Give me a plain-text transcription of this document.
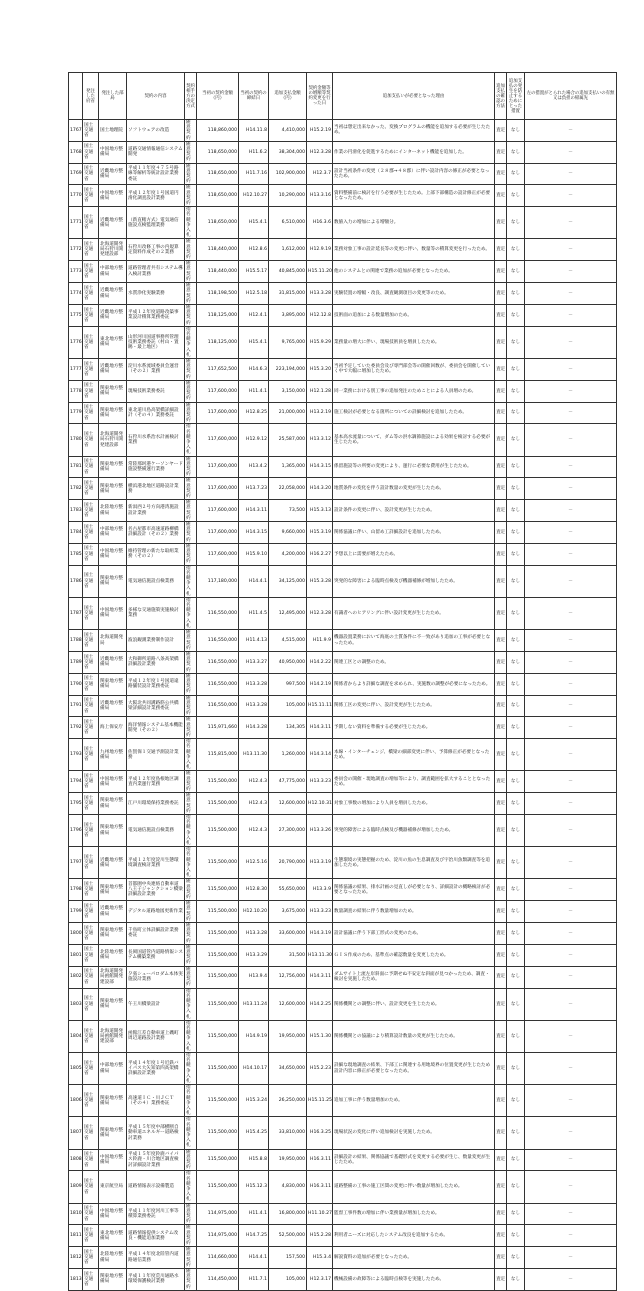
	発注した府省	発注した部局	契約の内容	契約相手方の決定方式	当初の契約金額（円）	当初の契約の締結日	追加支払金額（円）	契約金額等の増額等契約変更を行った日	追加支払いが必要となった理由	追加支払の確認の方法	追加支払の発生を防止するためにとった措置	左の措置がとられた場合の追加支払いの有無又は負担の帰属先
1767	国土交通省	国土地理院	ソフトウェアの改造	随意契約	118,860,000	H14.11.8	4,410,000	H15.2.19	当初は想定出来なかった、変換プログラムの機能を追加する必要が生じたため。	査定	なし	－
1768	国土交通省	中国地方整備局	道路交通情報通信システム開発	随意契約	118,650,000	H11.6.2	38,304,000	H12.3.28	作業の円滑化を促進するためにインターネット機能を追加した。	査定	なし	－
1769	国土交通省	近畿地方整備局	平成１１年度４７５号路線等解析等統計設計業務委託	随意契約	118,650,000	H11.7.16	102,900,000	H12.3.7	設計当初条件の変更（２８郡→４８郡）に伴い設計内容の修正が必要となったため。	査定	なし	－
1770	国土交通省	中国地方整備局	平成１２年度１号国道円滑化調査設計業務	随意契約	118,650,000	H12.10.27	10,290,000	H13.3.16	資料整備前に検討を行う必要が生じたため。上部下部構造の設計修正が必要となったため。	査定	なし	－
1771	国土交通省	近畿地方整備局	（新直轄方式）電気通信施設点検監理業務	指名競争入札	118,650,000	H15.4.1	6,510,000	H16.3.6	数値入力の増加による増額分。	査定	なし	－
1772	国土交通省	北海道開発局石狩川開発建設部	石狩川改修工事の内規算定資料作成その２業務	随意契約	118,440,000	H12.8.6	1,612,000	H12.9.19	業務対象工事の設計延長等の変更に伴い、数量等の積算変更を行ったため。	査定	なし	－
1773	国土交通省	中部地方整備局	道路管理者共有システム導入検討業務	随意契約	118,440,000	H15.5.17	40,845,000	H15.11.20	他のシステムとの関連で業務の追加が必要となったため。	査定	なし	－
1774	国土交通省	近畿地方整備局	水質浄化実験業務	随意契約	118,198,500	H12.5.18	31,815,000	H13.3.28	実験装置の増幅・改良、調査観測項目の変更等のため。	査定	なし	－
1775	国土交通省	近畿地方整備局	平成１２年度道路改築事業設計積算業務委託	随意契約	118,125,000	H12.4.1	3,895,000	H12.12.8	技術面の追加による数量増加のため。	査定	なし	－
1776	国土交通省	東北地方整備局	山形河川国道事務所管理技術業務委託（村山・置賜・最上地区）	指名競争入札	118,125,000	H15.4.1	9,765,000	H15.9.29	業務量の増大に伴い、現場技術員を増員したため。	査定	なし	－
1777	国土交通省	近畿地方整備局	淀川水系流域委員会運営（その２）業務	随意契約	117,652,500	H14.6.3	223,194,000	H15.3.20	当初予定していた委員会及び専門部会等の開催回数が、委員会を開催していく中で大幅に増加したため。	査定	なし	－
1778	国土交通省	関東地方整備局	現場技術業務委託	随意契約	117,600,000	H11.4.1	3,150,000	H12.1.28	同一業務における別工事の追加発注のためことによる人員増のため。	査定	なし	－
1779	国土交通省	関東地方整備局	東北道川島高架橋詳細設計（その４）業務委託	随意契約	117,600,000	H12.8.25	21,000,000	H13.2.19	施工検討が必要となる箇所についての詳細検討を追加したため。	査定	なし	－
1780	国土交通省	北海道開発局石狩川開発建設部	石狩川水系治水計画検討業務	指名競争入札	117,600,000	H12.9.12	25,587,000	H13.3.12	基本高水流量について、ダム等の洪水調節施設による効果を検討する必要が生じたため。	査定	なし	－
1781	国土交通省	関東地方整備局	常陸那珂港ケーソンヤード施設整備運行業務	随意契約	117,600,000	H13.4.2	1,365,000	H14.3.15	係留施設等の所要の変更により、運行に必要な費用が生じたため。	査定	なし	－
1782	国土交通省	関東地方整備局	横浜港北地区道路設計業務	随意契約	117,600,000	H13.7.23	22,058,000	H14.3.20	地質条件の変化を伴う設計数量の変更が生じたため。	査定	なし	－
1783	国土交通省	北陸地方整備局	新潟西２号方向港湾施設設計業務	随意契約	117,600,000	H14.3.11	73,500	H15.3.13	設計条件の変更に伴い、設計変更が生じたため。	査定	なし	－
1784	国土交通省	中部地方整備局	名古屋都市高速道路柳橋詳細設計（その２）業務	随意契約	117,600,000	H14.3.15	9,660,000	H15.3.19	関係協議に伴い、山留め工詳細設計を追加したため。	査定	なし	－
1785	国土交通省	中国地方整備局	維持管理の新たな取組業務（その２）	随意契約	117,600,000	H15.9.10	4,200,000	H16.2.27	予想以上に需要が増えたため。	査定	なし	－
1786	国土交通省	関東地方整備局	電気通信施設点検業務	指名競争入札	117,180,000	H14.4.1	34,125,000	H15.3.28	突発的な障害による臨時点検及び機器補修が増加したため。	査定	なし	－
1787	国土交通省	中国地方整備局	多様な交通施策実施検討業務	指名競争入札	116,550,000	H11.4.5	12,495,000	H12.3.28	有識者へのヒアリングに伴い設計変更が生じたため。	査定	なし	－
1788	国土交通省	北海道開発局	波浪観測業務制作設計	随意契約	116,550,000	H11.4.13	4,515,000	H11.9.9	機器設置業務において海底の土質条件に不一致があり追加の工事が必要となったため。	査定	なし	－
1789	国土交通省	近畿地方整備局	大和御所道路八条高架橋詳細設計業務	随意契約	116,550,000	H13.3.27	40,950,000	H14.2.22	関連工区との調整のため。	査定	なし	－
1790	国土交通省	関東地方整備局	平成１２年度１号国道遠路舗装設計業務委託	随意契約	116,550,000	H13.3.28	997,500	H14.2.19	関係者からより詳細な調査を求められ、実施数の調整が必要になったため。	査定	なし	－
1791	国土交通省	近畿地方整備局	大阪北共同溝路筋公共橋梁詳細設計業務委託	随意契約	116,550,000	H13.3.28	105,000	H15.11.11	関係工区の変更に伴い、設計変更が生じたため。	査定	なし	－
1792	国土交通省	海上保安庁	海洋情報システム基本機能開発（その２）	随意契約	115,971,660	H14.3.28	134,305	H14.3.11	予期しない資料を準備する必要が生じたため。	査定	なし	－
1793	国土交通省	九州地方整備局	佐賀保１交通予測設計業務	指名競争入札	115,815,000	H13.11.30	1,260,000	H14.3.14	本線・インターチェンジ、橋梁の細部変更に伴い、予算修正が必要となったため。	査定	なし	－
1794	国土交通省	中国地方整備局	平成１２年度島根地区調査内業運行業務	随意契約	115,500,000	H12.4.3	47,775,000	H13.3.23	委員会の開催・現地調査の増加等により、調査範囲を拡大することとなったため。	査定	なし	－
1795	国土交通省	関東地方整備局	江戸川環境保持業務委託	随意契約	115,500,000	H12.4.3	12,600,000	H12.10.31	対象工事数の増加により人員を増員したため。	査定	なし	－
1796	国土交通省	関東地方整備局	電気通信施設点検業務	指名競争入札	115,500,000	H12.4.3	27,300,000	H13.3.26	突発的障害による臨時点検及び機器補修が増加したため。	査定	なし	－
1797	国土交通省	近畿地方整備局	平成１２年度淀川生態環境調査検討業務	指名競争入札	115,500,000	H12.5.16	20,790,000	H13.3.19	生態環境の実態把握のため、淀川の魚の生息調査及び宇治川魚類調査等を追加したため。	査定	なし	－
1798	国土交通省	関東地方整備局	首都圏中央連絡自動車道八王子ジャンクション橋梁詳細設計業務	随意契約	115,500,000	H12.8.30	55,650,000	H13.3.9	関係協議の結果、排水計画の見直しが必要となり、詳細設計の概略検討が必要となったため。	査定	なし	－
1799	国土交通省	近畿地方整備局	デジタル道路地図更新作業	随意契約	115,500,000	H12.10.20	3,675,000	H13.3.23	数量調査の結果に伴う数量増加のため。	査定	なし	－
1800	国土交通省	関東地方整備局	千鳥町立体詳細設計業務委託	随意契約	115,500,000	H13.3.28	33,600,000	H14.3.19	設計協議に伴う下部工形式の変更のため。	査定	なし	－
1801	国土交通省	北陸地方整備局	長岡国道管内道路情報システム構築業務	随意契約	115,500,000	H13.3.29	31,500	H13.11.30	ＧＩＳ作成のため、基準点の確認数量を変更したため。	査定	なし	－
1802	国土交通省	北海道開発局函館開発建設部	夕張シューパロダム本体実施設計業務	随意契約	115,500,000	H13.9.4	12,756,000	H14.3.11	ダムサイト上流左岸斜面に予期せぬ不安定な斜面が見つかったため、調査・検討を実施したため。	査定	なし	－
1803	国土交通省	関東地方整備局	午王川橋梁設計	指名競争入札	115,500,000	H13.11.24	12,600,000	H14.2.25	関係機関との調整に伴い、設計変更を生じたため。	査定	なし	－
1804	国土交通省	北海道開発局函館開発建設部	函館江差自動車道上磯町周辺道路設計業務	指名競争入札	115,500,000	H14.9.19	19,950,000	H15.1.30	関係機関との協議により積算設計数量の変更が生じたため。	査定	なし	－
1805	国土交通省	中部地方整備局	平成１４年度１号近鉄バイパス大矢知第四高架橋詳細設計業務	指名競争入札	115,500,000	H14.10.17	34,650,000	H15.2.23	詳細な現地調査の結果、下部工に関連する用地境界の位置変更が生じたため設計内容に修正が必要となったため。	査定	なし	－
1806	国土交通省	関東地方整備局	高速道ＩＣ・川ＪＣＴ（その４）業務委託	指名競争入札	115,500,000	H15.3.24	26,250,000	H15.11.25	追加工事に伴う数量増加のため。	査定	なし	－
1807	国土交通省	関東地方整備局	平成１５年度中部横断自動車道エネルギー道路検討業務	指名競争入札	115,500,000	H15.4.25	33,810,000	H16.3.25	現場状況の変化に伴い追加検討を実施したため。	査定	なし	－
1808	国土交通省	中国地方整備局	平成１５年度鈴鹿バイパス鈴鹿・川合地区調査検討詳細設計業務	随意契約	115,500,000	H15.8.8	19,950,000	H16.3.11	詳細設計の結果、関係協議で基礎形式を変更する必要が生じ、数量変更が生じたため。	査定	なし	－
1809	国土交通省	東京航空局	道路情報表示設備製造	指名競争入札	115,500,000	H15.12.3	4,830,000	H16.3.11	道路整備の工事の施工区間の変更に伴い数量が増加したため。	査定	なし	－
1810	国土交通省	中国地方整備局	平成１１年度河川工事等積算業務委託	随意契約	114,975,000	H11.4.1	16,800,000	H11.10.27	監督工事件数の増加に伴い業務量が増加したため。	査定	なし	－
1811	国土交通省	東北地方整備局	道路情報提供システム改良・機能追加業務	随意契約	114,975,000	H14.7.25	52,500,000	H15.2.28	利用者ニーズに対応したシステム改良を追加するため。	査定	なし	－
1812	国土交通省	北陸地方整備局	平成１４年度北陸管内道路通信業務	随意契約	114,660,000	H14.4.1	157,500	H15.3.4	解説資料の追加が必要となったため。	査定	なし	－
1813	国土交通省	関東地方整備局	平成１１年度荒川通路水環境保護検討業務	随意契約	114,450,000	H11.7.1	105,000	H12.3.17	機械設備の故障等による臨時点検等を実施したため。	査定	なし	－
